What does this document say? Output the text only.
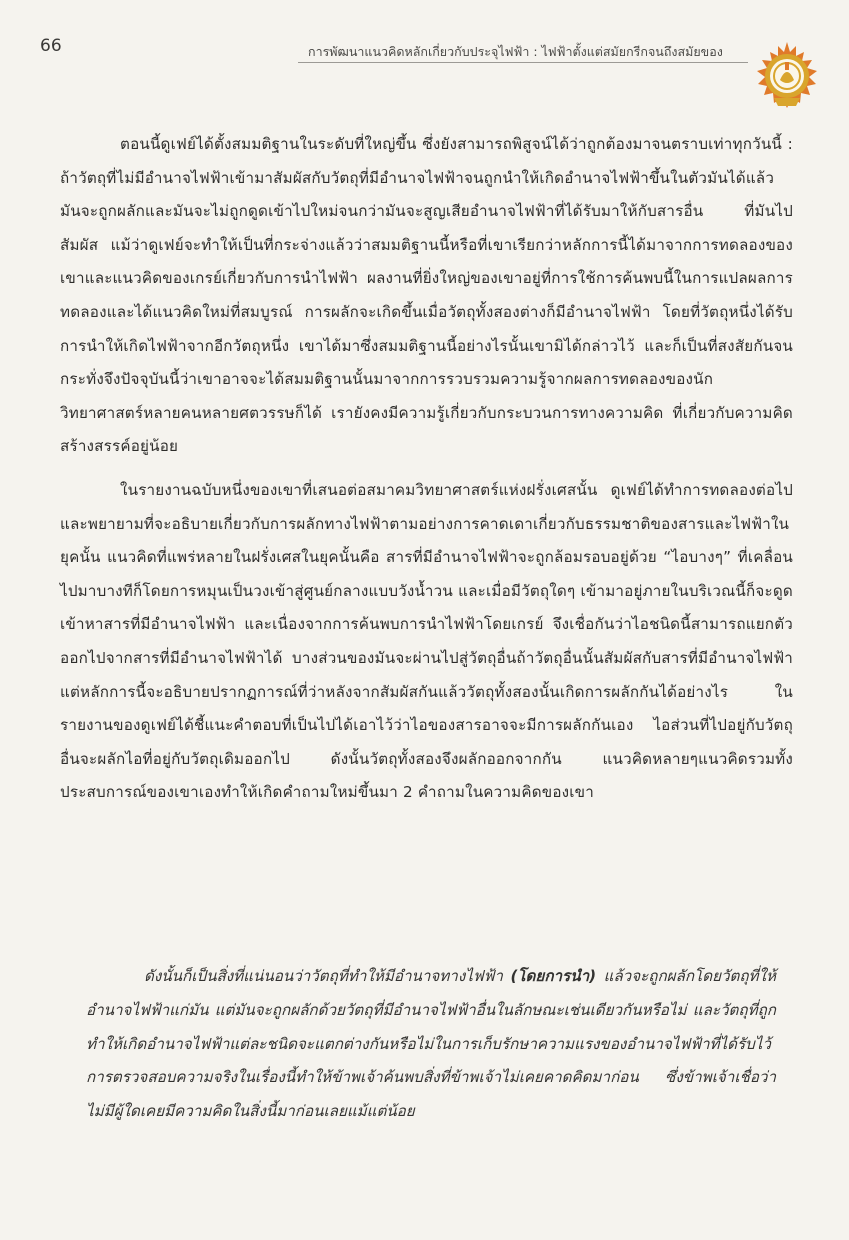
66	การพัฒนาแนวคิดหลักเกี่ยวกับประจุไฟฟ้า : ไฟฟ้าตั้งแต่สมัยกรีกจนถึงสมัยของ

ตอนนี้ดูเฟย์ได้ตั้งสมมติฐานในระดับที่ใหญ่ขึ้น ซึ่งยังสามารถพิสูจน์ได้ว่าถูกต้องมาจนตราบเท่าทุกวันนี้ : ถ้าวัตถุที่ไม่มีอำนาจไฟฟ้าเข้ามาสัมผัสกับวัตถุที่มีอำนาจไฟฟ้าจนถูกนำให้เกิดอำนาจไฟฟ้าขึ้นในตัวมันได้แล้ว มันจะถูกผลักและมันจะไม่ถูกดูดเข้าไปใหม่จนกว่ามันจะสูญเสียอำนาจไฟฟ้าที่ได้รับมาให้กับสารอื่น ที่มันไปสัมผัส แม้ว่าดูเฟย์จะทำให้เป็นที่กระจ่างแล้วว่าสมมติฐานนี้หรือที่เขาเรียกว่าหลักการนี้ได้มาจากการทดลองของเขาและแนวคิดของเกรย์เกี่ยวกับการนำไฟฟ้า ผลงานที่ยิ่งใหญ่ของเขาอยู่ที่การใช้การค้นพบนี้ในการแปลผลการทดลองและได้แนวคิดใหม่ที่สมบูรณ์ การผลักจะเกิดขึ้นเมื่อวัตถุทั้งสองต่างก็มีอำนาจไฟฟ้า โดยที่วัตถุหนึ่งได้รับการนำให้เกิดไฟฟ้าจากอีกวัตถุหนึ่ง เขาได้มาซึ่งสมมติฐานนี้อย่างไรนั้นเขามิได้กล่าวไว้ และก็เป็นที่สงสัยกันจนกระทั่งจึงปัจจุบันนี้ว่าเขาอาจจะได้สมมติฐานนั้นมาจากการรวบรวมความรู้จากผลการทดลองของนักวิทยาศาสตร์หลายคนหลายศตวรรษก็ได้ เรายังคงมีความรู้เกี่ยวกับกระบวนการทางความคิด ที่เกี่ยวกับความคิดสร้างสรรค์อยู่น้อย

ในรายงานฉบับหนึ่งของเขาที่เสนอต่อสมาคมวิทยาศาสตร์แห่งฝรั่งเศสนั้น ดูเฟย์ได้ทำการทดลองต่อไปและพยายามที่จะอธิบายเกี่ยวกับการผลักทางไฟฟ้าตามอย่างการคาดเดาเกี่ยวกับธรรมชาติของสารและไฟฟ้าในยุคนั้น แนวคิดที่แพร่หลายในฝรั่งเศสในยุคนั้นคือ สารที่มีอำนาจไฟฟ้าจะถูกล้อมรอบอยู่ด้วย “ไอบางๆ” ที่เคลื่อนไปมาบางทีก็โดยการหมุนเป็นวงเข้าสู่ศูนย์กลางแบบวังน้ำวน และเมื่อมีวัตถุใดๆ เข้ามาอยู่ภายในบริเวณนี้ก็จะดูดเข้าหาสารที่มีอำนาจไฟฟ้า และเนื่องจากการค้นพบการนำไฟฟ้าโดยเกรย์ จึงเชื่อกันว่าไอชนิดนี้สามารถแยกตัวออกไปจากสารที่มีอำนาจไฟฟ้าได้ บางส่วนของมันจะผ่านไปสู่วัตถุอื่นถ้าวัตถุอื่นนั้นสัมผัสกับสารที่มีอำนาจไฟฟ้า แต่หลักการนี้จะอธิบายปรากฏการณ์ที่ว่าหลังจากสัมผัสกันแล้ววัตถุทั้งสองนั้นเกิดการผลักกันได้อย่างไร ในรายงานของดูเฟย์ได้ชี้แนะคำตอบที่เป็นไปได้เอาไว้ว่าไอของสารอาจจะมีการผลักกันเอง ไอส่วนที่ไปอยู่กับวัตถุอื่นจะผลักไอที่อยู่กับวัตถุเดิมออกไป ดังนั้นวัตถุทั้งสองจึงผลักออกจากกัน แนวคิดหลายๆแนวคิดรวมทั้งประสบการณ์ของเขาเองทำให้เกิดคำถามใหม่ขึ้นมา 2 คำถามในความคิดของเขา

ดังนั้นก็เป็นสิ่งที่แน่นอนว่าวัตถุที่ทำให้มีอำนาจทางไฟฟ้า (โดยการนำ) แล้วจะถูกผลักโดยวัตถุที่ให้อำนาจไฟฟ้าแก่มัน แต่มันจะถูกผลักด้วยวัตถุที่มีอำนาจไฟฟ้าอื่นในลักษณะเช่นเดียวกันหรือไม่ และวัตถุที่ถูกทำให้เกิดอำนาจไฟฟ้าแต่ละชนิดจะแตกต่างกันหรือไม่ในการเก็บรักษาความแรงของอำนาจไฟฟ้าที่ได้รับไว้ การตรวจสอบความจริงในเรื่องนี้ทำให้ข้าพเจ้าค้นพบสิ่งที่ข้าพเจ้าไม่เคยคาดคิดมาก่อน ซึ่งข้าพเจ้าเชื่อว่าไม่มีผู้ใดเคยมีความคิดในสิ่งนี้มาก่อนเลยแม้แต่น้อย
